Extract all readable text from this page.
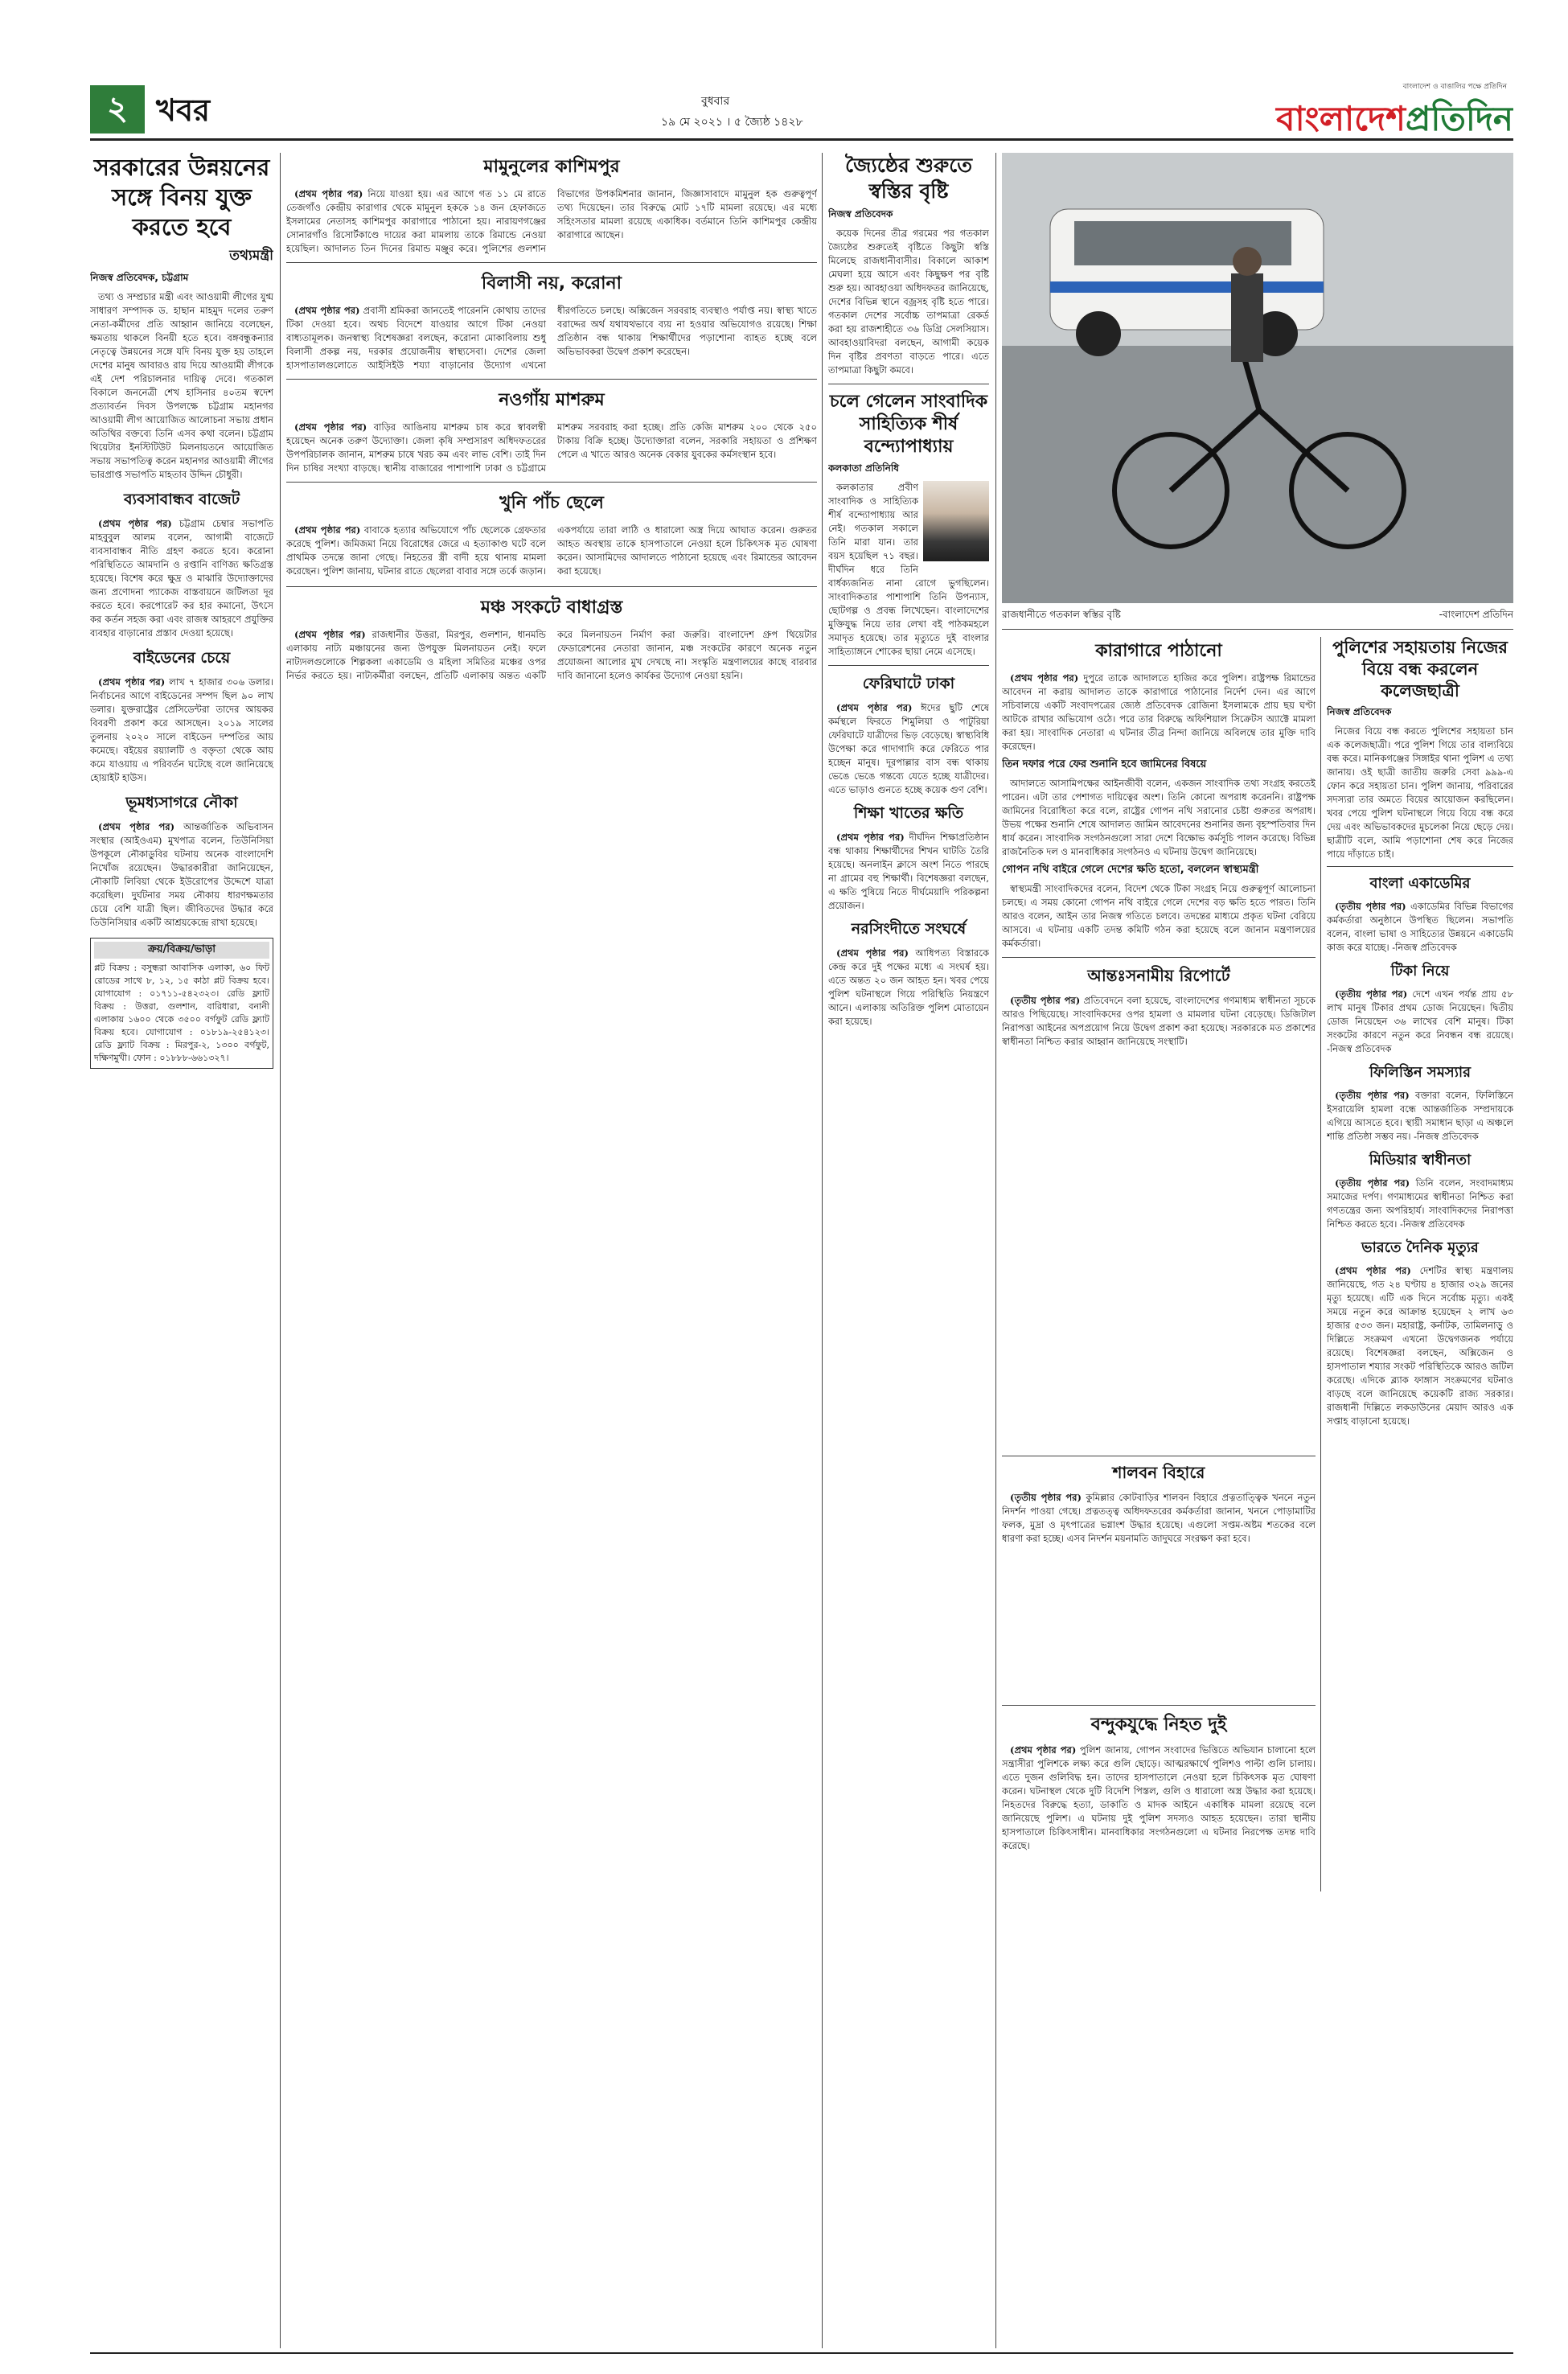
২ খবর	বুধবার
১৯ মে ২০২১ । ৫ জ্যৈষ্ঠ ১৪২৮
বাংলাদেশ ও বাঙালির পক্ষে প্রতিদিন
বাংলাদেশপ্রতিদিন
সরকারের উন্নয়নের সঙ্গে বিনয় যুক্ত করতে হবে
তথ্যমন্ত্রী
নিজস্ব প্রতিবেদক, চট্টগ্রাম

তথ্য ও সম্প্রচার মন্ত্রী এবং আওয়ামী লীগের যুগ্ম সাধারণ সম্পাদক ড. হাছান মাহমুদ দলের তরুণ নেতা-কর্মীদের প্রতি আহ্বান জানিয়ে বলেছেন, ক্ষমতায় থাকলে বিনয়ী হতে হবে। বঙ্গবন্ধুকন্যার নেতৃত্বে উন্নয়নের সঙ্গে যদি বিনয় যুক্ত হয় তাহলে দেশের মানুষ আবারও রায় দিয়ে আওয়ামী লীগকে এই দেশ পরিচালনার দায়িত্ব দেবে। গতকাল বিকালে জননেত্রী শেখ হাসিনার ৪০তম স্বদেশ প্রত্যাবর্তন দিবস উপলক্ষে চট্টগ্রাম মহানগর আওয়ামী লীগ আয়োজিত আলোচনা সভায় প্রধান অতিথির বক্তব্যে তিনি এসব কথা বলেন। চট্টগ্রাম থিয়েটার ইনস্টিটিউট মিলনায়তনে আয়োজিত সভায় সভাপতিত্ব করেন মহানগর আওয়ামী লীগের ভারপ্রাপ্ত সভাপতি মাহতাব উদ্দিন চৌধুরী।

ব্যবসাবান্ধব বাজেট

(প্রথম পৃষ্ঠার পর) চট্টগ্রাম চেম্বার সভাপতি মাহবুবুল আলম বলেন, আগামী বাজেটে ব্যবসাবান্ধব নীতি গ্রহণ করতে হবে। করোনা পরিস্থিতিতে আমদানি ও রপ্তানি বাণিজ্য ক্ষতিগ্রস্ত হয়েছে। বিশেষ করে ক্ষুদ্র ও মাঝারি উদ্যোক্তাদের জন্য প্রণোদনা প্যাকেজ বাস্তবায়নে জটিলতা দূর করতে হবে। করপোরেট কর হার কমানো, উৎসে কর কর্তন সহজ করা এবং রাজস্ব আহরণে প্রযুক্তির ব্যবহার বাড়ানোর প্রস্তাব দেওয়া হয়েছে।

বাইডেনের চেয়ে

(প্রথম পৃষ্ঠার পর) লাখ ৭ হাজার ৩০৬ ডলার। নির্বাচনের আগে বাইডেনের সম্পদ ছিল ৯০ লাখ ডলার। যুক্তরাষ্ট্রের প্রেসিডেন্টরা তাদের আয়কর বিবরণী প্রকাশ করে আসছেন। ২০১৯ সালের তুলনায় ২০২০ সালে বাইডেন দম্পতির আয় কমেছে। বইয়ের রয়্যালটি ও বক্তৃতা থেকে আয় কমে যাওয়ায় এ পরিবর্তন ঘটেছে বলে জানিয়েছে হোয়াইট হাউস।

ভূমধ্যসাগরে নৌকা

(প্রথম পৃষ্ঠার পর) আন্তর্জাতিক অভিবাসন সংস্থার (আইওএম) মুখপাত্র বলেন, তিউনিসিয়া উপকূলে নৌকাডুবির ঘটনায় অনেক বাংলাদেশি নিখোঁজ রয়েছেন। উদ্ধারকারীরা জানিয়েছেন, নৌকাটি লিবিয়া থেকে ইউরোপের উদ্দেশে যাত্রা করেছিল। দুর্ঘটনার সময় নৌকায় ধারণক্ষমতার চেয়ে বেশি যাত্রী ছিল। জীবিতদের উদ্ধার করে তিউনিসিয়ার একটি আশ্রয়কেন্দ্রে রাখা হয়েছে।

ক্রয়/বিক্রয়/ভাড়া
প্লট বিক্রয় : বসুন্ধরা আবাসিক এলাকা, ৬০ ফিট রোডের সাথে ৮, ১২, ১৫ কাঠা প্লট বিক্রয় হবে। যোগাযোগ : ০১৭১১-৫৪২৩২৩। রেডি ফ্ল্যাট বিক্রয় : উত্তরা, গুলশান, বারিধারা, বনানী এলাকায় ১৬০০ থেকে ৩৫০০ বর্গফুট রেডি ফ্ল্যাট বিক্রয় হবে। যোগাযোগ : ০১৮১৯-২৫৪১২৩। রেডি ফ্ল্যাট বিক্রয় : মিরপুর-২, ১৩০০ বর্গফুট, দক্ষিণমুখী। ফোন : ০১৮৮৮-৬৬১৩২৭।
মামুনুলের কাশিমপুর

(প্রথম পৃষ্ঠার পর) নিয়ে যাওয়া হয়। এর আগে গত ১১ মে রাতে তেজগাঁও কেন্দ্রীয় কারাগার থেকে মামুনুল হককে ১৪ জন হেফাজতে ইসলামের নেতাসহ কাশিমপুর কারাগারে পাঠানো হয়। নারায়ণগঞ্জের সোনারগাঁও রিসোর্টকাণ্ডে দায়ের করা মামলায় তাকে রিমান্ডে নেওয়া হয়েছিল। আদালত তিন দিনের রিমান্ড মঞ্জুর করে। পুলিশের গুলশান বিভাগের উপকমিশনার জানান, জিজ্ঞাসাবাদে মামুনুল হক গুরুত্বপূর্ণ তথ্য দিয়েছেন। তার বিরুদ্ধে মোট ১৭টি মামলা রয়েছে। এর মধ্যে সহিংসতার মামলা রয়েছে একাধিক। বর্তমানে তিনি কাশিমপুর কেন্দ্রীয় কারাগারে আছেন।

বিলাসী নয়, করোনা

(প্রথম পৃষ্ঠার পর) প্রবাসী শ্রমিকরা জানতেই পারেননি কোথায় তাদের টিকা দেওয়া হবে। অথচ বিদেশে যাওয়ার আগে টিকা নেওয়া বাধ্যতামূলক। জনস্বাস্থ্য বিশেষজ্ঞরা বলছেন, করোনা মোকাবিলায় শুধু বিলাসী প্রকল্প নয়, দরকার প্রয়োজনীয় স্বাস্থ্যসেবা। দেশের জেলা হাসপাতালগুলোতে আইসিইউ শয্যা বাড়ানোর উদ্যোগ এখনো ধীরগতিতে চলছে। অক্সিজেন সরবরাহ ব্যবস্থাও পর্যাপ্ত নয়। স্বাস্থ্য খাতে বরাদ্দের অর্থ যথাযথভাবে ব্যয় না হওয়ার অভিযোগও রয়েছে। শিক্ষা প্রতিষ্ঠান বন্ধ থাকায় শিক্ষার্থীদের পড়াশোনা ব্যাহত হচ্ছে বলে অভিভাবকরা উদ্বেগ প্রকাশ করেছেন।

নওগাঁয় মাশরুম

(প্রথম পৃষ্ঠার পর) বাড়ির আঙিনায় মাশরুম চাষ করে স্বাবলম্বী হয়েছেন অনেক তরুণ উদ্যোক্তা। জেলা কৃষি সম্প্রসারণ অধিদফতরের উপপরিচালক জানান, মাশরুম চাষে খরচ কম এবং লাভ বেশি। তাই দিন দিন চাষির সংখ্যা বাড়ছে। স্থানীয় বাজারের পাশাপাশি ঢাকা ও চট্টগ্রামে মাশরুম সরবরাহ করা হচ্ছে। প্রতি কেজি মাশরুম ২০০ থেকে ২৫০ টাকায় বিক্রি হচ্ছে। উদ্যোক্তারা বলেন, সরকারি সহায়তা ও প্রশিক্ষণ পেলে এ খাতে আরও অনেক বেকার যুবকের কর্মসংস্থান হবে।

খুনি পাঁচ ছেলে

(প্রথম পৃষ্ঠার পর) বাবাকে হত্যার অভিযোগে পাঁচ ছেলেকে গ্রেফতার করেছে পুলিশ। জমিজমা নিয়ে বিরোধের জেরে এ হত্যাকাণ্ড ঘটে বলে প্রাথমিক তদন্তে জানা গেছে। নিহতের স্ত্রী বাদী হয়ে থানায় মামলা করেছেন। পুলিশ জানায়, ঘটনার রাতে ছেলেরা বাবার সঙ্গে তর্কে জড়ান। একপর্যায়ে তারা লাঠি ও ধারালো অস্ত্র দিয়ে আঘাত করেন। গুরুতর আহত অবস্থায় তাকে হাসপাতালে নেওয়া হলে চিকিৎসক মৃত ঘোষণা করেন। আসামিদের আদালতে পাঠানো হয়েছে এবং রিমান্ডের আবেদন করা হয়েছে।

মঞ্চ সংকটে বাধাগ্রস্ত

(প্রথম পৃষ্ঠার পর) রাজধানীর উত্তরা, মিরপুর, গুলশান, ধানমন্ডি এলাকায় নাট্য মঞ্চায়নের জন্য উপযুক্ত মিলনায়তন নেই। ফলে নাট্যদলগুলোকে শিল্পকলা একাডেমি ও মহিলা সমিতির মঞ্চের ওপর নির্ভর করতে হয়। নাট্যকর্মীরা বলছেন, প্রতিটি এলাকায় অন্তত একটি করে মিলনায়তন নির্মাণ করা জরুরি। বাংলাদেশ গ্রুপ থিয়েটার ফেডারেশনের নেতারা জানান, মঞ্চ সংকটের কারণে অনেক নতুন প্রযোজনা আলোর মুখ দেখছে না। সংস্কৃতি মন্ত্রণালয়ের কাছে বারবার দাবি জানানো হলেও কার্যকর উদ্যোগ নেওয়া হয়নি।

জ্যৈষ্ঠের শুরুতে স্বস্তির বৃষ্টি
নিজস্ব প্রতিবেদক

কয়েক দিনের তীব্র গরমের পর গতকাল জ্যৈষ্ঠের শুরুতেই বৃষ্টিতে কিছুটা স্বস্তি মিলেছে রাজধানীবাসীর। বিকালে আকাশ মেঘলা হয়ে আসে এবং কিছুক্ষণ পর বৃষ্টি শুরু হয়। আবহাওয়া অধিদফতর জানিয়েছে, দেশের বিভিন্ন স্থানে বজ্রসহ বৃষ্টি হতে পারে। গতকাল দেশের সর্বোচ্চ তাপমাত্রা রেকর্ড করা হয় রাজশাহীতে ৩৬ ডিগ্রি সেলসিয়াস। আবহাওয়াবিদরা বলছেন, আগামী কয়েক দিন বৃষ্টির প্রবণতা বাড়তে পারে। এতে তাপমাত্রা কিছুটা কমবে।

চলে গেলেন সাংবাদিক সাহিত্যিক শীর্ষ বন্দ্যোপাধ্যায়
কলকাতা প্রতিনিধি

কলকাতার প্রবীণ সাংবাদিক ও সাহিত্যিক শীর্ষ বন্দ্যোপাধ্যায় আর নেই। গতকাল সকালে তিনি মারা যান। তার বয়স হয়েছিল ৭১ বছর। দীর্ঘদিন ধরে তিনি বার্ধক্যজনিত নানা রোগে ভুগছিলেন। সাংবাদিকতার পাশাপাশি তিনি উপন্যাস, ছোটগল্প ও প্রবন্ধ লিখেছেন। বাংলাদেশের মুক্তিযুদ্ধ নিয়ে তার লেখা বই পাঠকমহলে সমাদৃত হয়েছে। তার মৃত্যুতে দুই বাংলার সাহিত্যাঙ্গনে শোকের ছায়া নেমে এসেছে।

ফেরিঘাটে ঢাকা

(প্রথম পৃষ্ঠার পর) ঈদের ছুটি শেষে কর্মস্থলে ফিরতে শিমুলিয়া ও পাটুরিয়া ফেরিঘাটে যাত্রীদের ভিড় বেড়েছে। স্বাস্থ্যবিধি উপেক্ষা করে গাদাগাদি করে ফেরিতে পার হচ্ছেন মানুষ। দূরপাল্লার বাস বন্ধ থাকায় ভেঙে ভেঙে গন্তব্যে যেতে হচ্ছে যাত্রীদের। এতে ভাড়াও গুনতে হচ্ছে কয়েক গুণ বেশি।

শিক্ষা খাতের ক্ষতি

(প্রথম পৃষ্ঠার পর) দীর্ঘদিন শিক্ষাপ্রতিষ্ঠান বন্ধ থাকায় শিক্ষার্থীদের শিখন ঘাটতি তৈরি হয়েছে। অনলাইন ক্লাসে অংশ নিতে পারছে না গ্রামের বহু শিক্ষার্থী। বিশেষজ্ঞরা বলছেন, এ ক্ষতি পুষিয়ে নিতে দীর্ঘমেয়াদি পরিকল্পনা প্রয়োজন।

নরসিংদীতে সংঘর্ষে

(প্রথম পৃষ্ঠার পর) আধিপত্য বিস্তারকে কেন্দ্র করে দুই পক্ষের মধ্যে এ সংঘর্ষ হয়। এতে অন্তত ২০ জন আহত হন। খবর পেয়ে পুলিশ ঘটনাস্থলে গিয়ে পরিস্থিতি নিয়ন্ত্রণে আনে। এলাকায় অতিরিক্ত পুলিশ মোতায়েন করা হয়েছে।

রাজধানীতে গতকাল স্বস্তির বৃষ্টি	-বাংলাদেশ প্রতিদিন
কারাগারে পাঠানো

(প্রথম পৃষ্ঠার পর) দুপুরে তাকে আদালতে হাজির করে পুলিশ। রাষ্ট্রপক্ষ রিমান্ডের আবেদন না করায় আদালত তাকে কারাগারে পাঠানোর নির্দেশ দেন। এর আগে সচিবালয়ে একটি সংবাদপত্রের জ্যেষ্ঠ প্রতিবেদক রোজিনা ইসলামকে প্রায় ছয় ঘণ্টা আটকে রাখার অভিযোগ ওঠে। পরে তার বিরুদ্ধে অফিশিয়াল সিক্রেটস অ্যাক্টে মামলা করা হয়। সাংবাদিক নেতারা এ ঘটনার তীব্র নিন্দা জানিয়ে অবিলম্বে তার মুক্তি দাবি করেছেন।

তিন দফার পরে ফের শুনানি হবে জামিনের বিষয়ে

আদালতে আসামিপক্ষের আইনজীবী বলেন, একজন সাংবাদিক তথ্য সংগ্রহ করতেই পারেন। এটা তার পেশাগত দায়িত্বের অংশ। তিনি কোনো অপরাধ করেননি। রাষ্ট্রপক্ষ জামিনের বিরোধিতা করে বলে, রাষ্ট্রের গোপন নথি সরানোর চেষ্টা গুরুতর অপরাধ। উভয় পক্ষের শুনানি শেষে আদালত জামিন আবেদনের শুনানির জন্য বৃহস্পতিবার দিন ধার্য করেন। সাংবাদিক সংগঠনগুলো সারা দেশে বিক্ষোভ কর্মসূচি পালন করেছে। বিভিন্ন রাজনৈতিক দল ও মানবাধিকার সংগঠনও এ ঘটনায় উদ্বেগ জানিয়েছে।

গোপন নথি বাইরে গেলে দেশের ক্ষতি হতো, বললেন স্বাস্থ্যমন্ত্রী

স্বাস্থ্যমন্ত্রী সাংবাদিকদের বলেন, বিদেশ থেকে টিকা সংগ্রহ নিয়ে গুরুত্বপূর্ণ আলোচনা চলছে। এ সময় কোনো গোপন নথি বাইরে গেলে দেশের বড় ক্ষতি হতে পারত। তিনি আরও বলেন, আইন তার নিজস্ব গতিতে চলবে। তদন্তের মাধ্যমে প্রকৃত ঘটনা বেরিয়ে আসবে। এ ঘটনায় একটি তদন্ত কমিটি গঠন করা হয়েছে বলে জানান মন্ত্রণালয়ের কর্মকর্তারা।

আন্তঃসনামীয় রিপোর্টে

(তৃতীয় পৃষ্ঠার পর) প্রতিবেদনে বলা হয়েছে, বাংলাদেশের গণমাধ্যম স্বাধীনতা সূচকে আরও পিছিয়েছে। সাংবাদিকদের ওপর হামলা ও মামলার ঘটনা বেড়েছে। ডিজিটাল নিরাপত্তা আইনের অপপ্রয়োগ নিয়ে উদ্বেগ প্রকাশ করা হয়েছে। সরকারকে মত প্রকাশের স্বাধীনতা নিশ্চিত করার আহ্বান জানিয়েছে সংস্থাটি।

পুলিশের সহায়তায় নিজের বিয়ে বন্ধ করলেন কলেজছাত্রী
নিজস্ব প্রতিবেদক

নিজের বিয়ে বন্ধ করতে পুলিশের সহায়তা চান এক কলেজছাত্রী। পরে পুলিশ গিয়ে তার বাল্যবিয়ে বন্ধ করে। মানিকগঞ্জের সিঙ্গাইর থানা পুলিশ এ তথ্য জানায়। ওই ছাত্রী জাতীয় জরুরি সেবা ৯৯৯-এ ফোন করে সহায়তা চান। পুলিশ জানায়, পরিবারের সদস্যরা তার অমতে বিয়ের আয়োজন করছিলেন। খবর পেয়ে পুলিশ ঘটনাস্থলে গিয়ে বিয়ে বন্ধ করে দেয় এবং অভিভাবকদের মুচলেকা নিয়ে ছেড়ে দেয়। ছাত্রীটি বলে, আমি পড়াশোনা শেষ করে নিজের পায়ে দাঁড়াতে চাই।

বাংলা একাডেমির

(তৃতীয় পৃষ্ঠার পর) একাডেমির বিভিন্ন বিভাগের কর্মকর্তারা অনুষ্ঠানে উপস্থিত ছিলেন। সভাপতি বলেন, বাংলা ভাষা ও সাহিত্যের উন্নয়নে একাডেমি কাজ করে যাচ্ছে। -নিজস্ব প্রতিবেদক

টিকা নিয়ে

(তৃতীয় পৃষ্ঠার পর) দেশে এখন পর্যন্ত প্রায় ৫৮ লাখ মানুষ টিকার প্রথম ডোজ নিয়েছেন। দ্বিতীয় ডোজ নিয়েছেন ৩৬ লাখের বেশি মানুষ। টিকা সংকটের কারণে নতুন করে নিবন্ধন বন্ধ রয়েছে। -নিজস্ব প্রতিবেদক

ফিলিস্তিন সমস্যার

(তৃতীয় পৃষ্ঠার পর) বক্তারা বলেন, ফিলিস্তিনে ইসরায়েলি হামলা বন্ধে আন্তর্জাতিক সম্প্রদায়কে এগিয়ে আসতে হবে। স্থায়ী সমাধান ছাড়া এ অঞ্চলে শান্তি প্রতিষ্ঠা সম্ভব নয়। -নিজস্ব প্রতিবেদক

মিডিয়ার স্বাধীনতা

(তৃতীয় পৃষ্ঠার পর) তিনি বলেন, সংবাদমাধ্যম সমাজের দর্পণ। গণমাধ্যমের স্বাধীনতা নিশ্চিত করা গণতন্ত্রের জন্য অপরিহার্য। সাংবাদিকদের নিরাপত্তা নিশ্চিত করতে হবে। -নিজস্ব প্রতিবেদক

ভারতে দৈনিক মৃত্যুর

(প্রথম পৃষ্ঠার পর) দেশটির স্বাস্থ্য মন্ত্রণালয় জানিয়েছে, গত ২৪ ঘণ্টায় ৪ হাজার ৩২৯ জনের মৃত্যু হয়েছে। এটি এক দিনে সর্বোচ্চ মৃত্যু। একই সময়ে নতুন করে আক্রান্ত হয়েছেন ২ লাখ ৬৩ হাজার ৫৩৩ জন। মহারাষ্ট্র, কর্নাটক, তামিলনাড়ু ও দিল্লিতে সংক্রমণ এখনো উদ্বেগজনক পর্যায়ে রয়েছে। বিশেষজ্ঞরা বলছেন, অক্সিজেন ও হাসপাতাল শয্যার সংকট পরিস্থিতিকে আরও জটিল করেছে। এদিকে ব্ল্যাক ফাঙ্গাস সংক্রমণের ঘটনাও বাড়ছে বলে জানিয়েছে কয়েকটি রাজ্য সরকার। রাজধানী দিল্লিতে লকডাউনের মেয়াদ আরও এক সপ্তাহ বাড়ানো হয়েছে।

শালবন বিহারে

(তৃতীয় পৃষ্ঠার পর) কুমিল্লার কোটবাড়ির শালবন বিহারে প্রত্নতাত্ত্বিক খননে নতুন নিদর্শন পাওয়া গেছে। প্রত্নতত্ত্ব অধিদফতরের কর্মকর্তারা জানান, খননে পোড়ামাটির ফলক, মুদ্রা ও মৃৎপাত্রের ভগ্নাংশ উদ্ধার হয়েছে। এগুলো সপ্তম-অষ্টম শতকের বলে ধারণা করা হচ্ছে। এসব নিদর্শন ময়নামতি জাদুঘরে সংরক্ষণ করা হবে।

বন্দুকযুদ্ধে নিহত দুই

(প্রথম পৃষ্ঠার পর) পুলিশ জানায়, গোপন সংবাদের ভিত্তিতে অভিযান চালানো হলে সন্ত্রাসীরা পুলিশকে লক্ষ্য করে গুলি ছোড়ে। আত্মরক্ষার্থে পুলিশও পাল্টা গুলি চালায়। এতে দুজন গুলিবিদ্ধ হন। তাদের হাসপাতালে নেওয়া হলে চিকিৎসক মৃত ঘোষণা করেন। ঘটনাস্থল থেকে দুটি বিদেশি পিস্তল, গুলি ও ধারালো অস্ত্র উদ্ধার করা হয়েছে। নিহতদের বিরুদ্ধে হত্যা, ডাকাতি ও মাদক আইনে একাধিক মামলা রয়েছে বলে জানিয়েছে পুলিশ। এ ঘটনায় দুই পুলিশ সদস্যও আহত হয়েছেন। তারা স্থানীয় হাসপাতালে চিকিৎসাধীন। মানবাধিকার সংগঠনগুলো এ ঘটনার নিরপেক্ষ তদন্ত দাবি করেছে।
